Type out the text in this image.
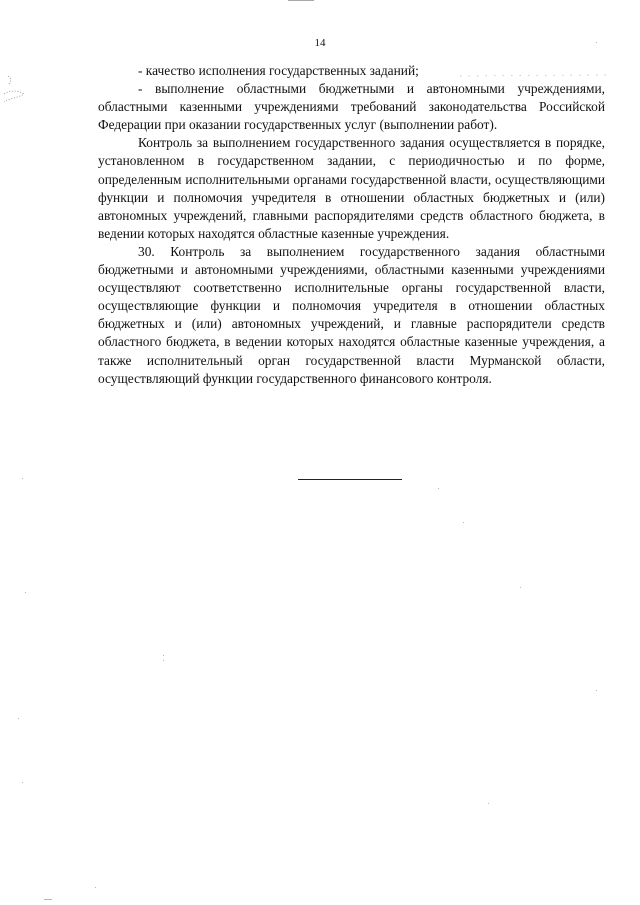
14

- качество исполнения государственных заданий;

- выполнение областными бюджетными и автономными учреждениями, областными казенными учреждениями требований законодательства Российской Федерации при оказании государственных услуг (выполнении работ).

Контроль за выполнением государственного задания осуществляется в порядке, установленном в государственном задании, с периодичностью и по форме, определенным исполнительными органами государственной власти, осуществляющими функции и полномочия учредителя в отношении областных бюджетных и (или) автономных учреждений, главными распорядителями средств областного бюджета, в ведении которых находятся областные казенные учреждения.

30. Контроль за выполнением государственного задания областными бюджетными и автономными учреждениями, областными казенными учреждениями осуществляют соответственно исполнительные органы государственной власти, осуществляющие функции и полномочия учредителя в отношении областных бюджетных и (или) автономных учреждений, и главные распорядители средств областного бюджета, в ведении которых находятся областные казенные учреждения, а также исполнительный орган государственной власти Мурманской области, осуществляющий функции государственного финансового контроля.
